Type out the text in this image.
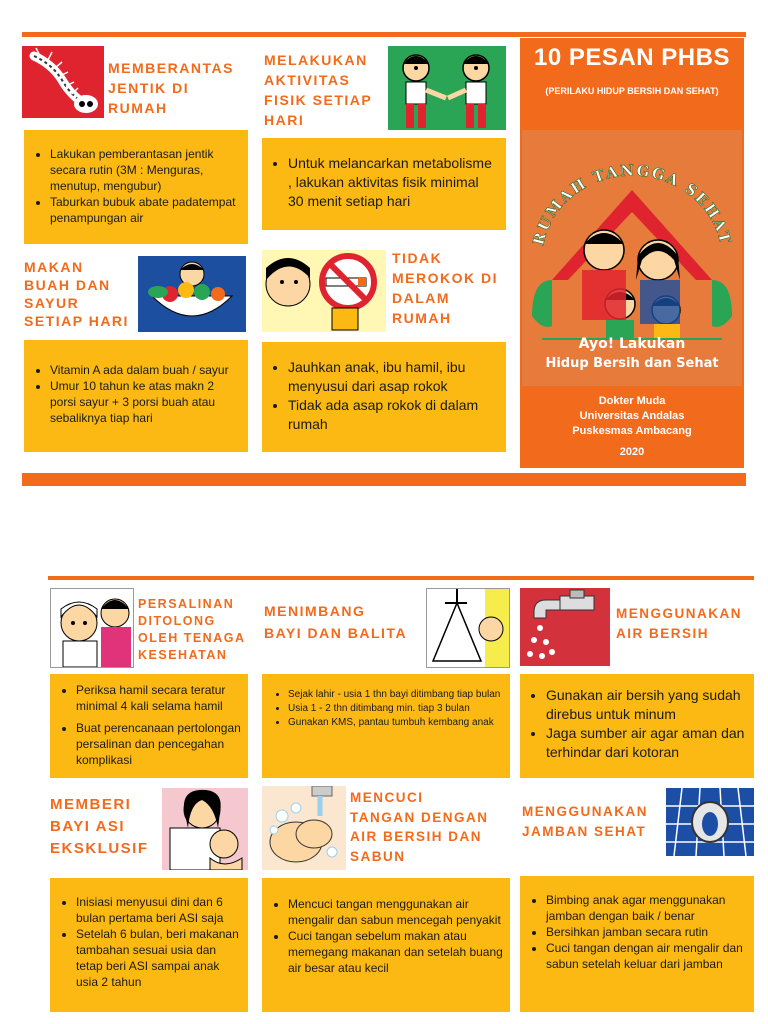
MEMBERANTAS
JENTIK DI
RUMAH
• Lakukan pemberantasan jentik secara rutin (3M : Menguras, menutup, mengubur)
• Taburkan bubuk abate padatempat penampungan air
MELAKUKAN
AKTIVITAS
FISIK SETIAP
HARI
• Untuk melancarkan metabolisme , lakukan aktivitas fisik minimal 30 menit setiap hari
MAKAN
BUAH DAN
SAYUR
SETIAP HARI
• Vitamin A ada dalam buah / sayur
• Umur 10 tahun ke atas makn 2 porsi sayur + 3 porsi buah atau sebaliknya tiap hari
TIDAK
MEROKOK DI
DALAM
RUMAH
• Jauhkan anak, ibu hamil, ibu menyusui dari asap rokok
• Tidak ada asap rokok di dalam rumah
10 PESAN PHBS
(PERILAKU HIDUP BERSIH DAN SEHAT)
RUMAH TANGGA SEHAT
Ayo! Lakukan
Hidup Bersih dan Sehat
Dokter Muda
Universitas Andalas
Puskesmas Ambacang
2020
PERSALINAN
DITOLONG
OLEH TENAGA
KESEHATAN
• Periksa hamil secara teratur minimal 4 kali selama hamil
• Buat perencanaan pertolongan persalinan dan pencegahan komplikasi
MENIMBANG
BAYI DAN BALITA
• Sejak lahir - usia 1 thn bayi ditimbang tiap bulan
• Usia 1 - 2 thn ditimbang min. tiap 3 bulan
• Gunakan KMS, pantau tumbuh kembang anak
MENGGUNAKAN
AIR BERSIH
• Gunakan air bersih yang sudah direbus untuk minum
• Jaga sumber air agar aman dan terhindar dari kotoran
MEMBERI
BAYI ASI
EKSKLUSIF
• Inisiasi menyusui dini dan 6 bulan pertama beri ASI saja
• Setelah 6 bulan, beri makanan tambahan sesuai usia dan tetap beri ASI sampai anak usia 2 tahun
MENCUCI
TANGAN DENGAN
AIR BERSIH DAN
SABUN
• Mencuci tangan menggunakan air mengalir dan sabun mencegah penyakit
• Cuci tangan sebelum makan atau memegang makanan dan setelah buang air besar atau kecil
MENGGUNAKAN
JAMBAN SEHAT
• Bimbing anak agar menggunakan jamban dengan baik / benar
• Bersihkan jamban secara rutin
• Cuci tangan dengan air mengalir dan sabun setelah keluar dari jamban
